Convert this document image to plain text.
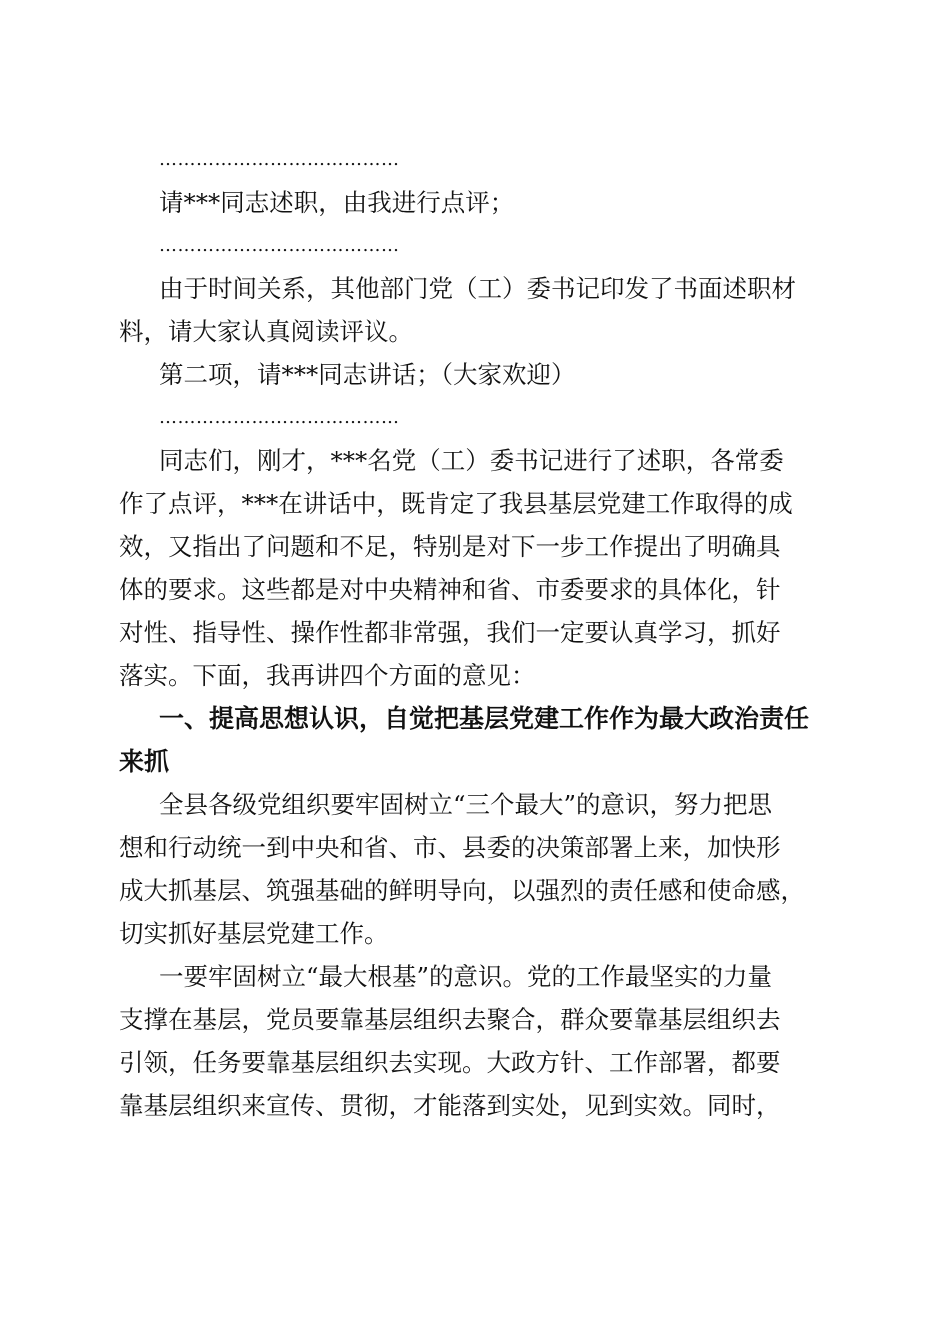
…………………………………

请***同志述职，由我进行点评；

…………………………………

由于时间关系，其他部门党（工）委书记印发了书面述职材

料，请大家认真阅读评议。

第二项，请***同志讲话；（大家欢迎）

…………………………………

同志们，刚才，***名党（工）委书记进行了述职，各常委

作了点评，***在讲话中，既肯定了我县基层党建工作取得的成

效，又指出了问题和不足，特别是对下一步工作提出了明确具

体的要求。这些都是对中央精神和省、市委要求的具体化，针

对性、指导性、操作性都非常强，我们一定要认真学习，抓好

落实。下面，我再讲四个方面的意见：

一、提高思想认识，自觉把基层党建工作作为最大政治责任

来抓

全县各级党组织要牢固树立“三个最大”的意识，努力把思

想和行动统一到中央和省、市、县委的决策部署上来，加快形

成大抓基层、筑强基础的鲜明导向，以强烈的责任感和使命感，

切实抓好基层党建工作。

一要牢固树立“最大根基”的意识。党的工作最坚实的力量

支撑在基层，党员要靠基层组织去聚合，群众要靠基层组织去

引领，任务要靠基层组织去实现。大政方针、工作部署，都要

靠基层组织来宣传、贯彻，才能落到实处，见到实效。同时，
